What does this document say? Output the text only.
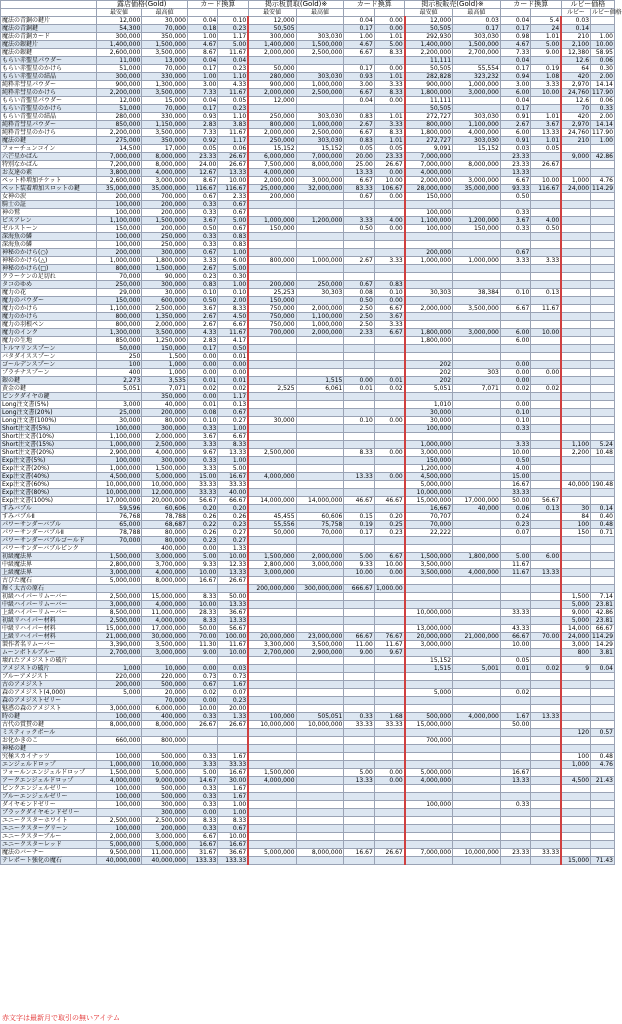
	露店価格(Gold)		カード換算		掲示板買取(Gold)※		カード換算		掲示板販売(Gold)※		カード換算		ルビー価格	
	最安値	最高値			最安値	最高値			最安値	最高値			ルビー	ルビー価格
魔法の青銅の鍵片	12,000	30,000	0.04	0.10	12,000		0.04	0.00	12,000	0.03	0.04	5.4	0.03	
魔法の青銅鍵	54,300	70,000	0.18	0.23	50,505		0.17	0.00	50,505	0.17	0.17	24	0.14	
魔法の青銅カード	300,000	350,000	1.00	1.17	300,000	303,030	1.00	1.01	292,930	303,030	0.98	1.01	210	1.00
魔法の銀鍵片	1,400,000	1,500,000	4.67	5.00	1,400,000	1,500,000	4.67	5.00	1,400,000	1,500,000	4.67	5.00	2,100	10.00
魔法の銀鍵	2,600,000	3,500,000	8.67	11.67	2,000,000	2,500,000	6.67	8.33	2,200,000	2,700,000	7.33	9.00	12,380	58.95
もらい赤聖星パウダー	11,000	13,000	0.04	0.04					11,111		0.04		12.6	0.06
もらい赤聖星のかけら	51,000	70,000	0.17	0.23	50,000		0.17	0.00	50,505	55,554	0.17	0.19	64	0.30
もらい赤聖星の結晶	300,000	330,000	1.00	1.10	280,000	303,030	0.93	1.01	282,828	323,232	0.94	1.08	420	2.00
純粋赤彗星パウダー	900,000	1,300,000	3.00	4.33	900,000	1,000,000	3.00	3.33	900,000	1,000,000	3.00	3.33	2,970	14.14
純粋赤彗星のかけら	2,200,000	3,500,000	7.33	11.67	2,000,000	2,500,000	6.67	8.33	1,800,000	3,000,000	6.00	10.00	24,760	117.90
もらい青聖星パウダー	12,000	15,000	0.04	0.05	12,000		0.04	0.00	11,111		0.04		12.6	0.06
もらい青聖星のかけら	51,000	70,000	0.17	0.23					50,505		0.17		70	0.33
もらい青聖星の結晶	280,000	330,000	0.93	1.10	250,000	303,030	0.83	1.01	272,727	303,030	0.91	1.01	420	2.00
純粋青彗星パウダー	850,000	1,150,000	2.83	3.83	800,000	1,000,000	2.67	3.33	800,000	1,100,000	2.67	3.67	2,970	14.14
純粋青彗星のかけら	2,200,000	3,500,000	7.33	11.67	2,000,000	2,500,000	6.67	8.33	1,800,000	4,000,000	6.00	13.33	24,760	117.90
魔法の鍵	275,000	350,000	0.92	1.17	250,000	303,030	0.83	1.01	272,727	303,030	0.91	1.01	210	1.00
フォーチュンコイン	14,500	17,000	0.05	0.06	15,152	15,152	0.05	0.05	9,091	15,152	0.03	0.05		
六芒星かばん	7,000,000	8,000,000	23.33	26.67	6,000,000	7,000,000	20.00	23.33	7,000,000		23.33		9,000	42.86
特別なかばん	7,200,000	8,000,000	24.00	26.67	7,500,000	8,000,000	25.00	26.67	7,000,000	8,000,000	23.33	26.67		
お友達の素	3,800,000	4,000,000	12.67	13.33	4,000,000		13.33	0.00	4,000,000		13.33			
ペット枠増加チケット	2,600,000	3,000,000	8.67	10.00	2,000,000	3,000,000	6.67	10.00	2,000,000	3,000,000	6.67	10.00	1,000	4.76
ペット装着増加スロットの鍵	35,000,000	35,000,000	116.67	116.67	25,000,000	32,000,000	83.33	106.67	28,000,000	35,000,000	93.33	116.67	24,000	114.29
女神の涙	200,000	700,000	0.67	2.33	200,000		0.67	0.00	150,000		0.50			
騎士の証	100,000	200,000	0.33	0.67										
神の鷲	100,000	200,000	0.33	0.67					100,000		0.33			
ピスアレン	1,100,000	1,500,000	3.67	5.00	1,000,000	1,200,000	3.33	4.00	1,100,000	1,200,000	3.67	4.00		
ゼルストーン	150,000	200,000	0.50	0.67	150,000		0.50	0.00	100,000	150,000	0.33	0.50		
深海魚の鱗	100,000	250,000	0.33	0.83										
深海魚の鱗	100,000	250,000	0.33	0.83										
神秘のかけら(○)	200,000	300,000	0.67	1.00					200,000		0.67			
神秘のかけら(△)	1,000,000	1,800,000	3.33	6.00	800,000	1,000,000	2.67	3.33	1,000,000	1,000,000	3.33	3.33		
神秘のかけら(□)	800,000	1,500,000	2.67	5.00										
クラーケンの足切れ	70,000	90,000	0.23	0.30										
タコのゆめ	250,000	300,000	0.83	1.00	200,000	250,000	0.67	0.83						
魔力の花	29,000	30,000	0.10	0.10	25,253	30,303	0.08	0.10	30,303	38,384	0.10	0.13		
魔力のパウダー	150,000	600,000	0.50	2.00	150,000		0.50	0.00						
魔力のかけら	1,100,000	2,500,000	3.67	8.33	750,000	2,000,000	2.50	6.67	2,000,000	3,500,000	6.67	11.67		
魔力のかけら	800,000	1,350,000	2.67	4.50	750,000	1,100,000	2.50	3.67						
魔力の羽根ペン	800,000	2,000,000	2.67	6.67	750,000	1,000,000	2.50	3.33						
魔力のインク	1,300,000	3,500,000	4.33	11.67	700,000	2,000,000	2.33	6.67	1,800,000	3,000,000	6.00	10.00		
魔力の生地	850,000	1,250,000	2.83	4.17					1,800,000		6.00			
トルマリンスプーン	50,000	150,000	0.17	0.50										
バタダイススプーン	250	1,500	0.00	0.01										
ゴールデンスプーン	100	1,000	0.00	0.00					202		0.00			
プラチナスプーン	400	1,000	0.00	0.00					202	303	0.00	0.00		
銀の鍵	2,273	3,535	0.01	0.01		1,515	0.00	0.01	202		0.00			
黄金の鍵	5,051	7,071	0.02	0.02	2,525	6,061	0.01	0.02	5,051	7,071	0.02	0.02		
ピンクダイヤの鍵		350,000	0.00	1.17										
Long注文書(5%)	3,000	40,000	0.01	0.13					1,010		0.00			
Long注文書(20%)	25,000	200,000	0.08	0.67					30,000		0.10			
Long注文書(100%)	30,000	80,000	0.10	0.27	30,000		0.10	0.00	30,000		0.10			
Short注文書(5%)	100,000	300,000	0.33	1.00					100,000		0.33			
Short注文書(10%)	1,100,000	2,000,000	3.67	6.67										
Short注文書(15%)	1,000,000	2,500,000	3.33	8.33					1,000,000		3.33		1,100	5.24
Short注文書(20%)	2,900,000	4,000,000	9.67	13.33	2,500,000		8.33	0.00	3,000,000		10.00		2,200	10.48
Exp注文書(5%)	100,000	300,000	0.33	1.00					150,000		0.50			
Exp注文書(20%)	1,000,000	1,500,000	3.33	5.00					1,200,000		4.00			
Exp注文書(40%)	4,500,000	5,000,000	15.00	16.67	4,000,000		13.33	0.00	4,500,000		15.00			
Exp注文書(60%)	10,000,000	10,000,000	33.33	33.33					5,000,000		16.67		40,000	190.48
Exp注文書(80%)	10,000,000	12,000,000	33.33	40.00					10,000,000		33.33			
Exp注文書(100%)	17,000,000	20,000,000	56.67	66.67	14,000,000	14,000,000	46.67	46.67	15,000,000	17,000,000	50.00	56.67		
すみバブル	59,596	60,606	0.20	0.20					16,667	40,000	0.06	0.13	30	0.14
すみバブルⅡ	76,768	78,788	0.26	0.26	45,455	60,606	0.15	0.20	70,707		0.24		84	0.40
パワーサンダーバブル	65,000	68,687	0.22	0.23	55,556	75,758	0.19	0.25	70,000		0.23		100	0.48
パワーサンダーバブルⅡ	78,788	80,000	0.26	0.27	50,000	70,000	0.17	0.23	22,222		0.07		150	0.71
パワーサンダーバブルゴールド	70,000	80,000	0.23	0.27										
パワーサンダーバブルピンク		400,000	0.00	1.33										
初級魔法界	1,500,000	3,000,000	5.00	10.00	1,500,000	2,000,000	5.00	6.67	1,500,000	1,800,000	5.00	6.00		
中級魔法界	2,800,000	3,700,000	9.33	12.33	2,800,000	3,000,000	9.33	10.00	3,500,000		11.67			
上級魔法界	3,000,000	4,000,000	10.00	13.33	3,000,000		10.00	0.00	3,500,000	4,000,000	11.67	13.33		
古びた魔石	5,000,000	8,000,000	16.67	26.67										
輝く太古の原石					200,000,000	300,000,000	666.67	1,000.00						
初級ハイパーリムーバー	2,500,000	15,000,000	8.33	50.00									1,500	7.14
中級ハイパーリムーバー	3,000,000	4,000,000	10.00	13.33									5,000	23.81
上級ハイパーリムーバー	8,500,000	11,000,000	28.33	36.67					10,000,000		33.33		9,000	42.86
初級リハイパー材料	2,500,000	4,000,000	8.33	13.33									5,000	23.81
中級リハイパー材料	15,000,000	17,000,000	50.00	56.67					13,000,000		43.33		14,000	66.67
上級リハイパー材料	21,000,000	30,000,000	70.00	100.00	20,000,000	23,000,000	66.67	76.67	20,000,000	21,000,000	66.67	70.00	24,000	114.29
製作者名リムーバー	3,390,000	3,500,000	11.30	11.67	3,300,000	3,500,000	11.00	11.67	3,000,000		10.00		3,000	14.29
ムーンボトルブルー	2,700,000	3,000,000	9.00	10.00	2,700,000	2,900,000	9.00	9.67					800	3.81
壊れたアメジストの破片									15,152		0.05			
アメジストの破片	1,000	10,000	0.00	0.03					1,515	5,001	0.01	0.02	9	0.04
ブルーアメジスト	220,000	220,000	0.73	0.73										
古のアメジスト	200,000	500,000	0.67	1.67										
森のアメジスト(4,000)	5,000	20,000	0.02	0.07					5,000		0.02			
森のアメジストゼリー		70,000	0.00	0.23										
魅惑の森のアメジスト	3,000,000	6,000,000	10.00	20.00										
時の鍵	100,000	400,000	0.33	1.33	100,000	505,051	0.33	1.68	500,000	4,000,000	1.67	13.33		
古代の賞賛の鍵	8,000,000	8,000,000	26.67	26.67	10,000,000	10,000,000	33.33	33.33	15,000,000		50.00			
ミスティックボール													120	0.57
お化かきのこ	660,000	800,000							700,000					
神秘の鍵														
究極スカイナッツ	100,000	500,000	0.33	1.67									100	0.48
エンジェルドロップ	1,000,000	10,000,000	3.33	33.33									1,000	4.76
フォールンエンジェルドロップ	1,500,000	5,000,000	5.00	16.67	1,500,000		5.00	0.00	5,000,000		16.67			
アークエンジェルドロップ	4,000,000	9,000,000	14.67	30.00	4,000,000		13.33	0.00	4,000,000		13.33		4,500	21.43
ピンクエンジェルゼリー	100,000	500,000	0.33	1.67										
ブルーエンジェルゼリー	100,000	500,000	0.33	1.67										
ダイヤモンドゼリー	100,000	300,000	0.33	1.00					100,000		0.33			
ブラックダイヤモンドゼリー		300,000	0.00	1.00										
ユニークスターホワイト	2,500,000	2,500,000	8.33	8.33										
ユニークスターグリーン	100,000	200,000	0.33	0.67										
ユニークスターブルー	2,000,000	3,000,000	6.67	10.00										
ユニークスターレッド	5,000,000	5,000,000	16.67	16.67										
魔法のバーナー	9,500,000	11,000,000	31.67	36.67	5,000,000	8,000,000	16.67	26.67	7,000,000	10,000,000	23.33	33.33		
テレポート強化の魔石	40,000,000	40,000,000	133.33	133.33									15,000	71.43
赤文字は最新月で取引の無いアイテム
